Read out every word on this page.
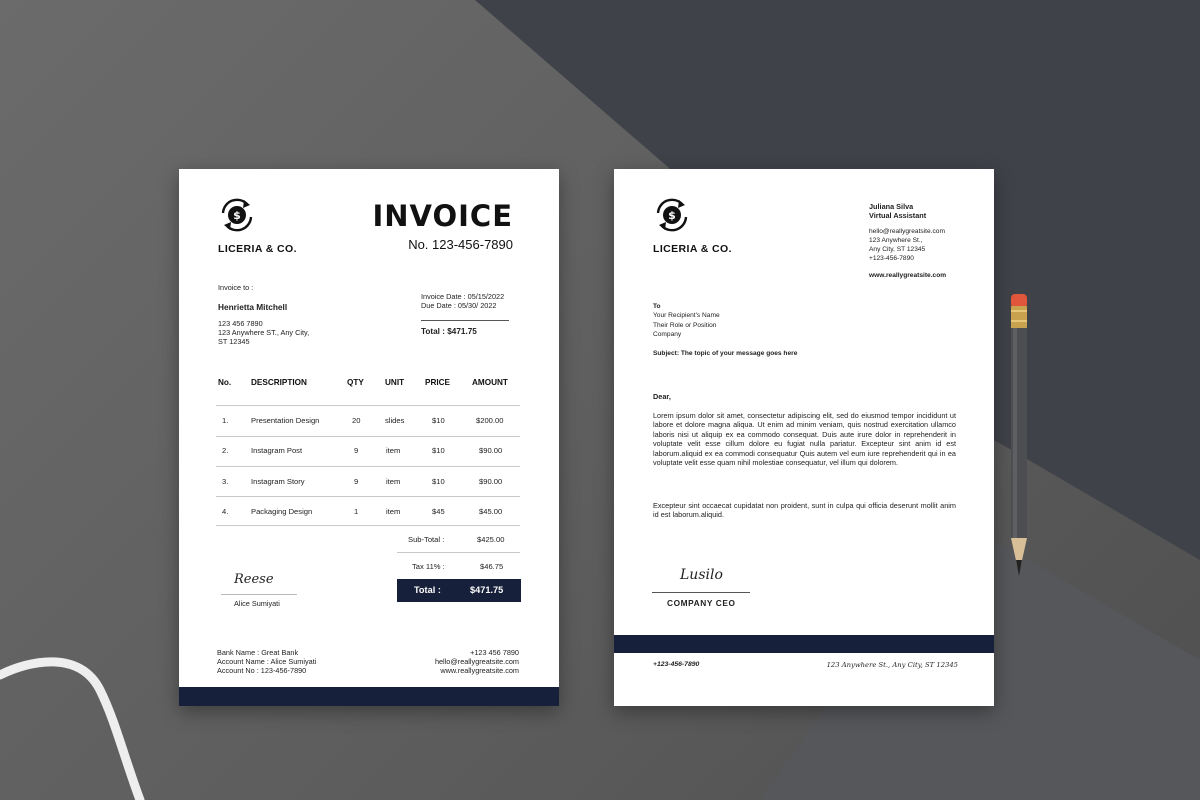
$
LICERIA & CO.
INVOICE
No. 123-456-7890
Invoice to :
Henrietta Mitchell
123 456 7890
123 Anywhere ST., Any City,
ST 12345
Invoice Date : 05/15/2022
Due Date : 05/30/ 2022
Total : $471.75
No. DESCRIPTION	QTY	UNIT	PRICE	AMOUNT
1.	Presentation Design	20	slides	$10	$200.00
2.	Instagram Post	9	item	$10	$90.00
3.	Instagram Story	9	item	$10	$90.00
4.	Packaging Design	1	item	$45	$45.00
Sub-Total :	$425.00
Tax 11% :	$46.75
Total :	$471.75
Reese
Alice Sumiyati
Bank Name : Great Bank
Account Name : Alice Sumiyati
Account No : 123-456-7890
+123 456 7890
hello@reallygreatsite.com
www.reallygreatsite.com
$
LICERIA & CO.
Juliana Silva
Virtual Assistant
hello@reallygreatsite.com
123 Anywhere St.,
Any City, ST 12345
+123-456-7890
www.reallygreatsite.com
To
Your Recipient's Name
Their Role or Position
Company
Subject: The topic of your message goes here
Dear,
Lorem ipsum dolor sit amet, consectetur adipiscing elit, sed do eiusmod tempor incididunt ut labore et dolore magna aliqua. Ut enim ad minim veniam, quis nostrud exercitation ullamco laboris nisi ut aliquip ex ea commodo consequat. Duis aute irure dolor in reprehenderit in voluptate velit esse cillum dolore eu fugiat nulla pariatur. Excepteur sint anim id est laborum.aliquid ex ea commodi consequatur Quis autem vel eum iure reprehenderit qui in ea voluptate velit esse quam nihil molestiae consequatur, vel illum qui dolorem.
Excepteur sint occaecat cupidatat non proident, sunt in culpa qui officia deserunt mollit anim id est laborum.aliquid.
Lusilo
COMPANY CEO
+123-456-7890	123 Anywhere St., Any City, ST 12345
